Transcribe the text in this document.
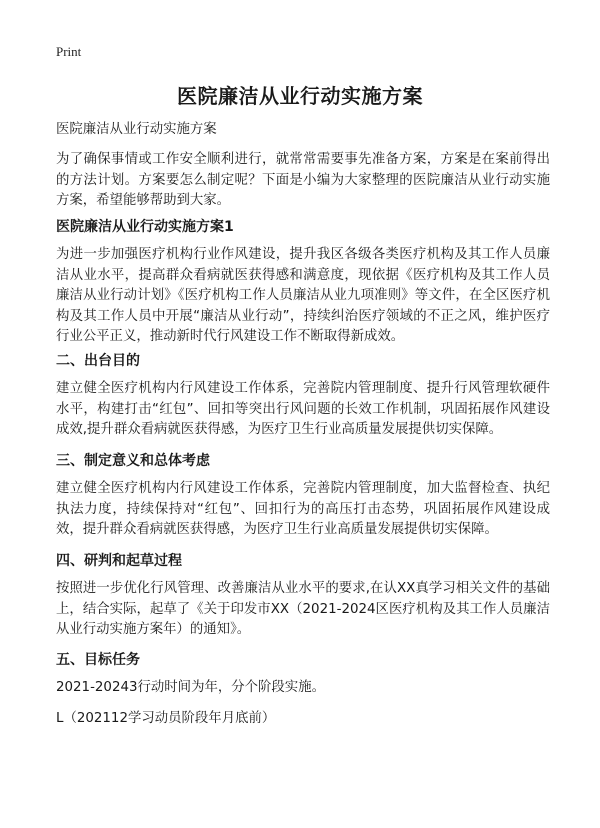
Print
医院廉洁从业行动实施方案

医院廉洁从业行动实施方案

为了确保事情或工作安全顺利进行，就常常需要事先准备方案，方案是在案前得出的方法计划。方案要怎么制定呢？下面是小编为大家整理的医院廉洁从业行动实施方案，希望能够帮助到大家。

医院廉洁从业行动实施方案1

为进一步加强医疗机构行业作风建设，提升我区各级各类医疗机构及其工作人员廉洁从业水平，提高群众看病就医获得感和满意度，现依据《医疗机构及其工作人员廉洁从业行动计划》《医疗机构工作人员廉洁从业九项准则》等文件，在全区医疗机构及其工作人员中开展“廉洁从业行动”，持续纠治医疗领域的不正之风，维护医疗行业公平正义，推动新时代行风建设工作不断取得新成效。

二、出台目的

建立健全医疗机构内行风建设工作体系，完善院内管理制度、提升行风管理软硬件水平，构建打击“红包”、回扣等突出行风问题的长效工作机制，巩固拓展作风建设成效,提升群众看病就医获得感，为医疗卫生行业高质量发展提供切实保障。

三、制定意义和总体考虑

建立健全医疗机构内行风建设工作体系，完善院内管理制度，加大监督检查、执纪执法力度，持续保持对“红包”、回扣行为的高压打击态势，巩固拓展作风建设成效，提升群众看病就医获得感，为医疗卫生行业高质量发展提供切实保障。

四、研判和起草过程

按照进一步优化行风管理、改善廉洁从业水平的要求,在认XX真学习相关文件的基础上，结合实际，起草了《关于印发市XX（2021-2024区医疗机构及其工作人员廉洁从业行动实施方案年）的通知》。

五、目标任务

2021-20243行动时间为年，分个阶段实施。

L（202112学习动员阶段年月底前）
